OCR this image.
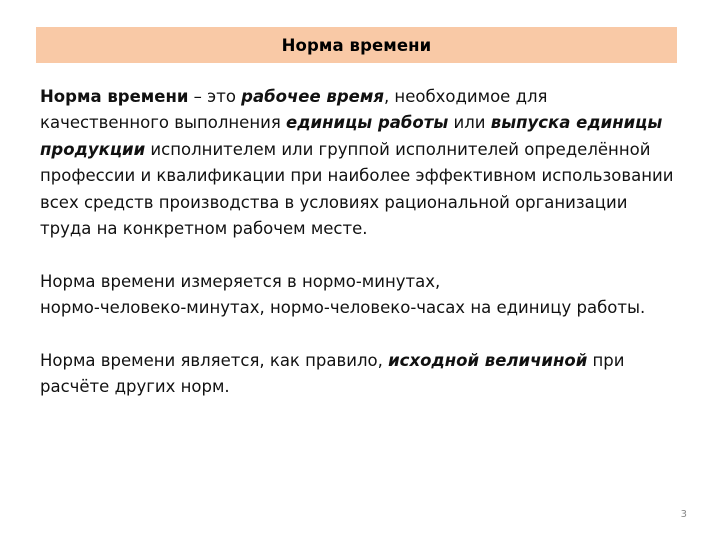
Норма времени

Норма времени – это рабочее время, необходимое для качественного выполнения единицы работы или выпуска единицы продукции исполнителем или группой исполнителей определённой профессии и квалификации при наиболее эффективном использовании всех средств производства в условиях рациональной организации труда на конкретном рабочем месте.

Норма времени измеряется в нормо-минутах,
нормо-человеко-минутах, нормо-человеко-часах на единицу работы.

Норма времени является, как правило, исходной величиной при расчёте других норм.

3
